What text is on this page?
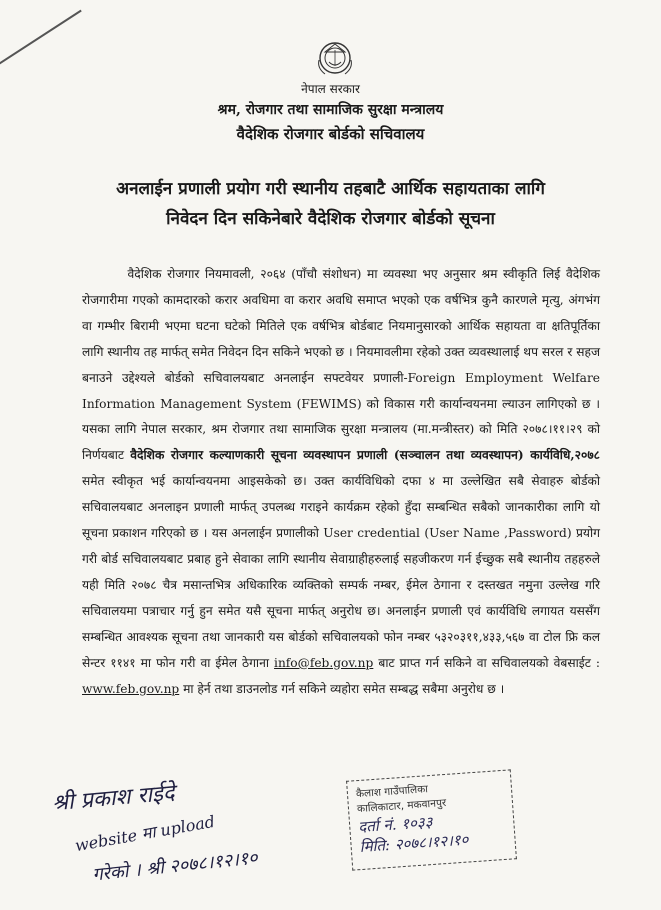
नेपाल सरकार
श्रम, रोजगार तथा सामाजिक सुरक्षा मन्त्रालय
वैदेशिक रोजगार बोर्डको सचिवालय
अनलाईन प्रणाली प्रयोग गरी स्थानीय तहबाटै आर्थिक सहायताका लागि
निवेदन दिन सकिनेबारे वैदेशिक रोजगार बोर्डको सूचना

वैदेशिक रोजगार नियमावली, २०६४ (पाँचौ संशोधन) मा व्यवस्था भए अनुसार श्रम स्वीकृति लिई वैदेशिक रोजगारीमा गएको कामदारको करार अवधिमा वा करार अवधि समाप्त भएको एक वर्षभित्र कुनै कारणले मृत्यु, अंगभंग वा गम्भीर बिरामी भएमा घटना घटेको मितिले एक वर्षभित्र बोर्डबाट नियमानुसारको आर्थिक सहायता वा क्षतिपूर्तिका लागि स्थानीय तह मार्फत् समेत निवेदन दिन सकिने भएको छ । नियमावलीमा रहेको उक्त व्यवस्थालाई थप सरल र सहज बनाउने उद्देश्यले बोर्डको सचिवालयबाट अनलाईन सफ्टवेयर प्रणाली-Foreign Employment Welfare Information Management System (FEWIMS) को विकास गरी कार्यान्वयनमा ल्याउन लागिएको छ । यसका लागि नेपाल सरकार, श्रम रोजगार तथा सामाजिक सुरक्षा मन्त्रालय (मा.मन्त्रीस्तर) को मिति २०७८।११।२९ को निर्णयबाट वैदेशिक रोजगार कल्याणकारी सूचना व्यवस्थापन प्रणाली (सञ्चालन तथा व्यवस्थापन) कार्यविधि,२०७८ समेत स्वीकृत भई कार्यान्वयनमा आइसकेको छ। उक्त कार्यविधिको दफा ४ मा उल्लेखित सबै सेवाहरु बोर्डको सचिवालयबाट अनलाइन प्रणाली मार्फत् उपलब्ध गराइने कार्यक्रम रहेको हुँदा सम्बन्धित सबैको जानकारीका लागि यो सूचना प्रकाशन गरिएको छ । यस अनलाईन प्रणालीको User credential (User Name ,Password) प्रयोग गरी बोर्ड सचिवालयबाट प्रबाह हुने सेवाका लागि स्थानीय सेवाग्राहीहरुलाई सहजीकरण गर्न ईच्छुक सबै स्थानीय तहहरुले यही मिति २०७८ चैत्र मसान्तभित्र अधिकारिक व्यक्तिको सम्पर्क नम्बर, ईमेल ठेगाना र दस्तखत नमुना उल्लेख गरि सचिवालयमा पत्राचार गर्नु हुन समेत यसै सूचना मार्फत् अनुरोध छ। अनलाईन प्रणाली एवं कार्यविधि लगायत यससँग सम्बन्धित आवश्यक सूचना तथा जानकारी यस बोर्डको सचिवालयको फोन नम्बर ५३२०३११,४३३,५६७ वा टोल फ्रि कल सेन्टर ११४१ मा फोन गरी वा ईमेल ठेगाना info@feb.gov.np बाट प्राप्त गर्न सकिने वा सचिवालयको वेबसाईट : www.feb.gov.np मा हेर्न तथा डाउनलोड गर्न सकिने व्यहोरा समेत सम्बद्ध सबैमा अनुरोध छ ।

श्री प्रकाश राईदे
website मा upload
गरेको । श्री २०७८।१२।१०
कैलाश गाउँपालिका
कालिकाटार, मकवानपुर
दर्ता नं. १०३३
मिति: २०७८।१२।१०
